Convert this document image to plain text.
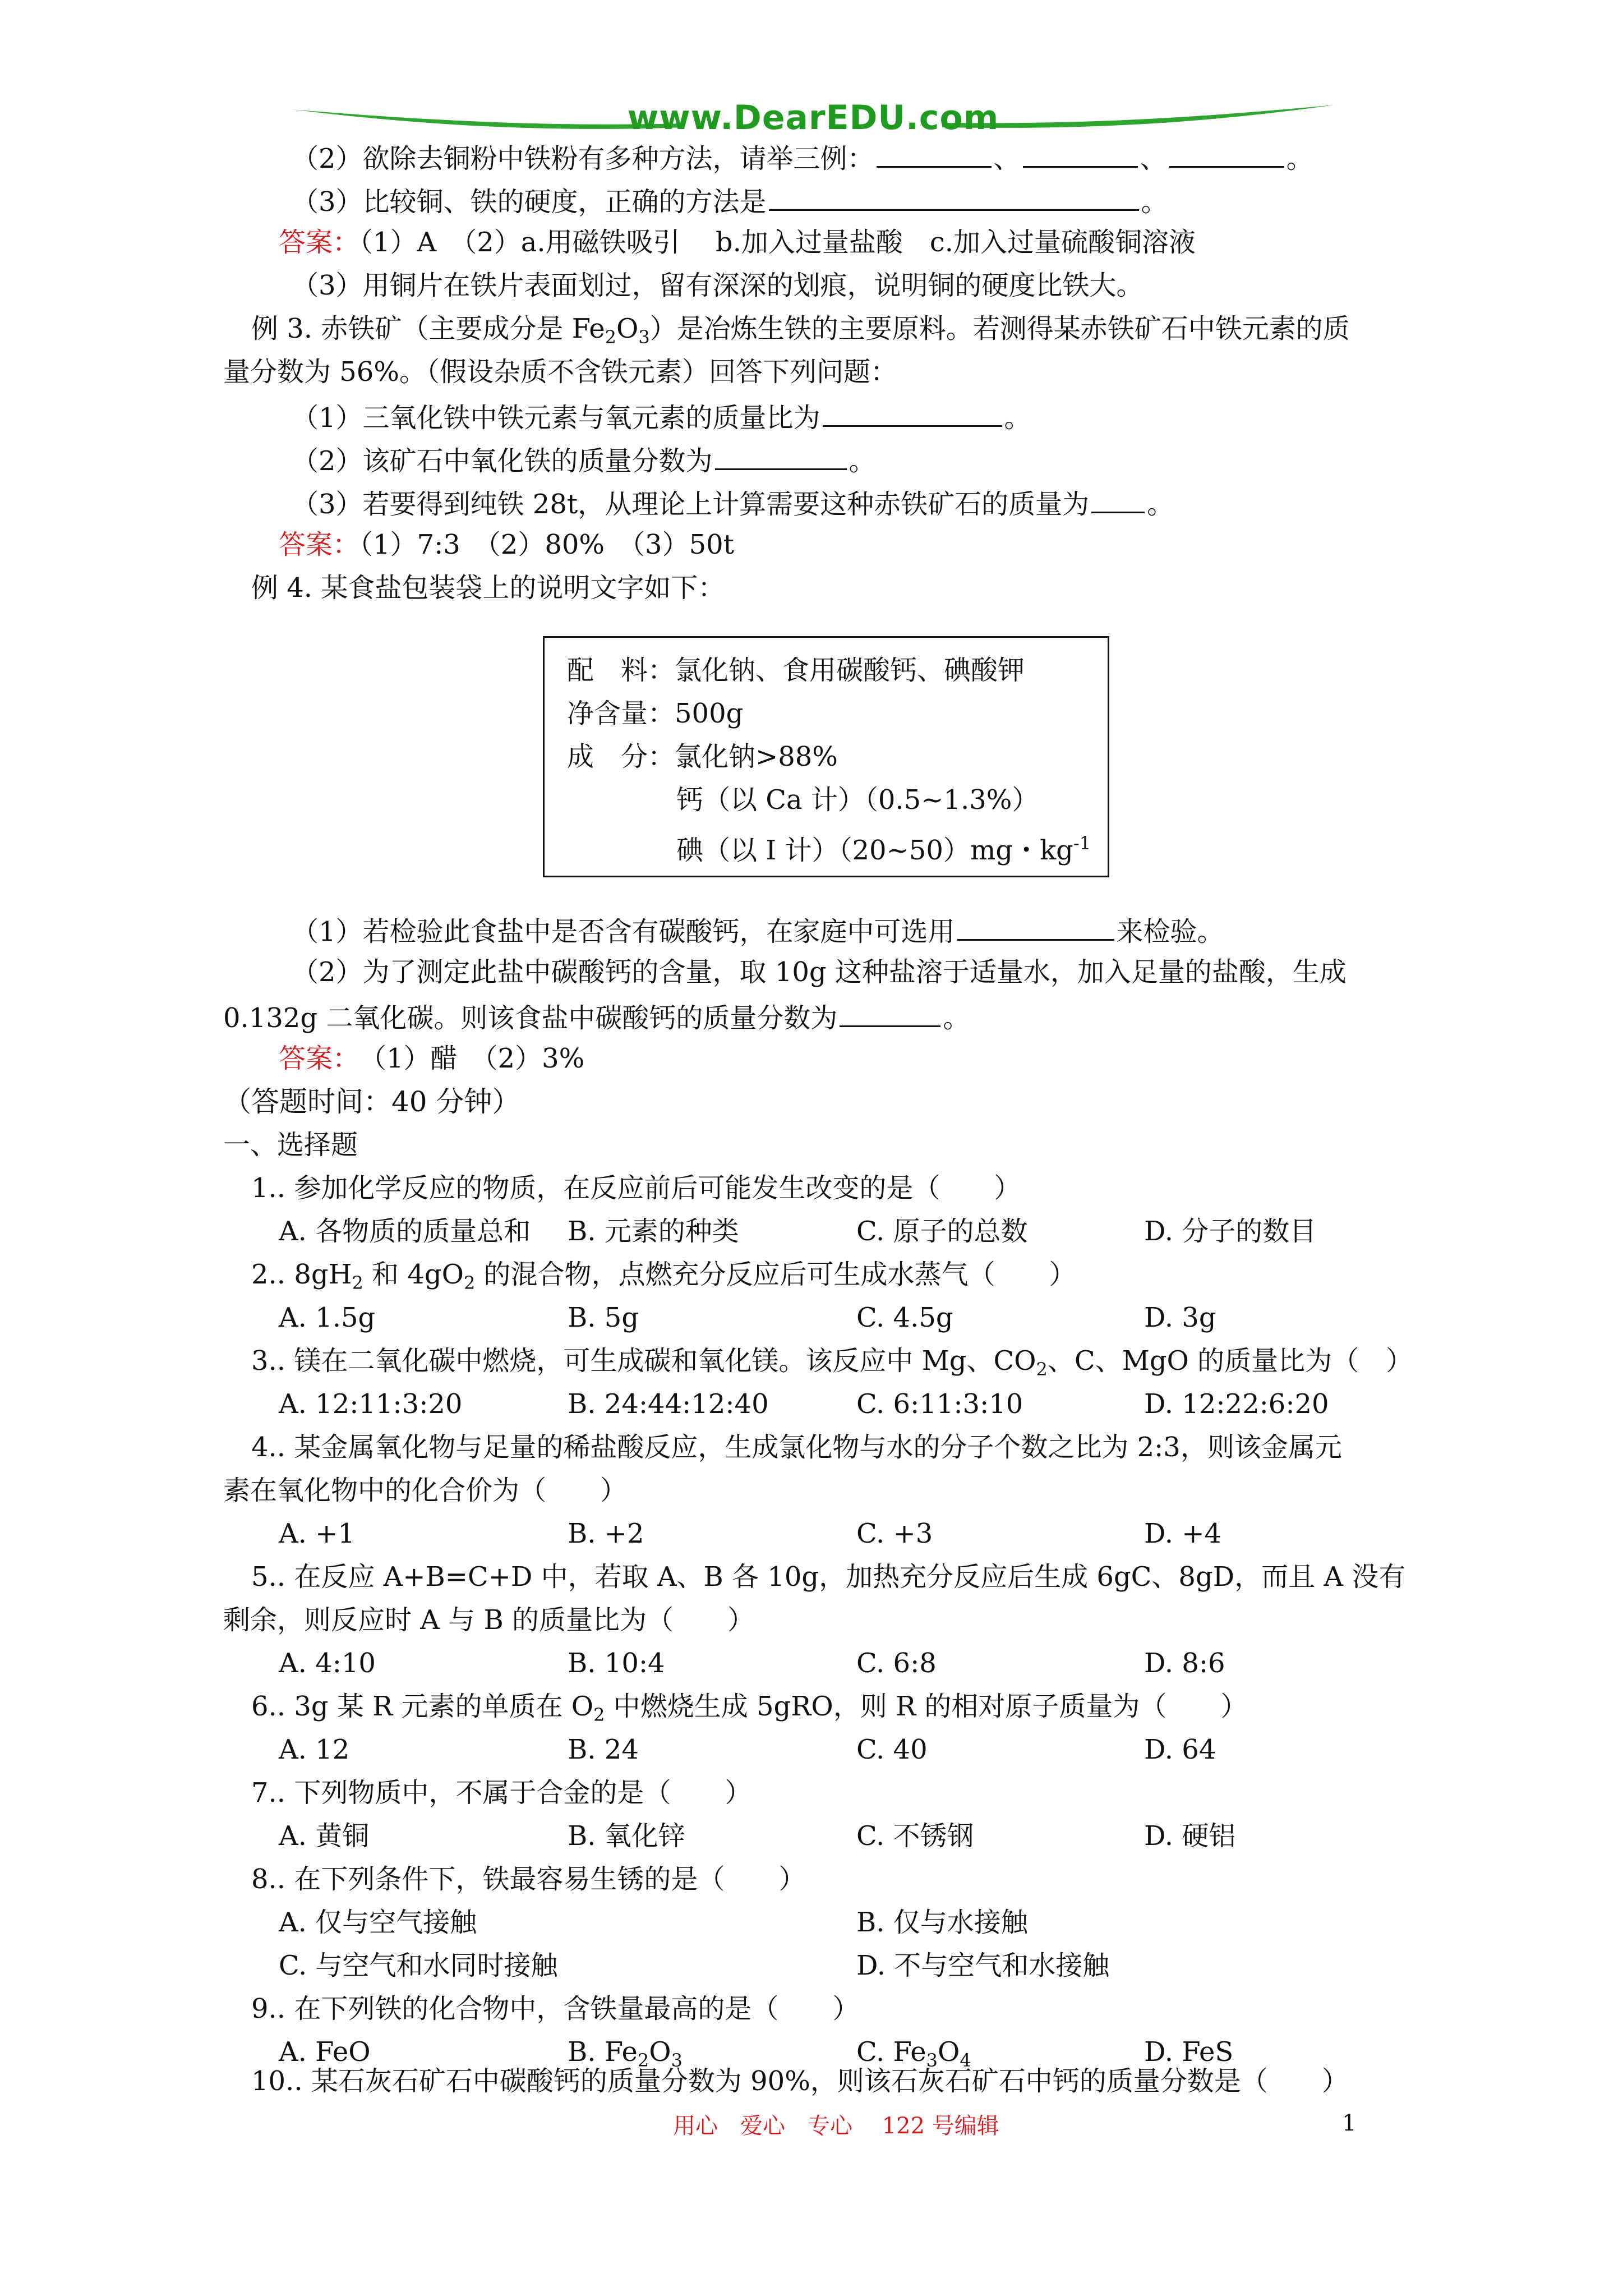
www.DearEDU.com
（2）欲除去铜粉中铁粉有多种方法，请举三例：	、	、	。
（3）比较铜、铁的硬度，正确的方法是	。
答案：（1）A　（2）a.用磁铁吸引　 b.加入过量盐酸　c.加入过量硫酸铜溶液
（3）用铜片在铁片表面划过，留有深深的划痕，说明铜的硬度比铁大。
例 3. 赤铁矿（主要成分是 $Fe_2O_3$）是冶炼生铁的主要原料。若测得某赤铁矿石中铁元素的质
量分数为 56%。（假设杂质不含铁元素）回答下列问题：
（1）三氧化铁中铁元素与氧元素的质量比为	。
（2）该矿石中氧化铁的质量分数为	。
（3）若要得到纯铁 28t，从理论上计算需要这种赤铁矿石的质量为 。
答案：（1）7:3　（2）80%　（3）50t
例 4. 某食盐包装袋上的说明文字如下：
配　料：氯化钠、食用碳酸钙、碘酸钾
净含量：500g
成　分：氯化钠>88%
钙（以 Ca 计）（0.5~1.3%）
碘（以 I 计）（20~50）mg・$kg^{-1}$
（1）若检验此食盐中是否含有碳酸钙，在家庭中可选用	来检验。
（2）为了测定此盐中碳酸钙的含量，取 10g 这种盐溶于适量水，加入足量的盐酸，生成
0.132g 二氧化碳。则该食盐中碳酸钙的质量分数为	。
答案：　（1）醋　（2）3%
（答题时间：40 分钟）
一、选择题
1.. 参加化学反应的物质，在反应前后可能发生改变的是（　　）
A. 各物质的质量总和 B. 元素的种类	C. 原子的总数	D. 分子的数目
2.. $8gH_2$ 和 $4gO_2$ 的混合物，点燃充分反应后可生成水蒸气（　　）
A. 1.5g	B. 5g	C. 4.5g	D. 3g
3.. 镁在二氧化碳中燃烧，可生成碳和氧化镁。该反应中 Mg、$CO_2$、C、MgO 的质量比为（　）
A. 12:11:3:20	B. 24:44:12:40	C. 6:11:3:10	D. 12:22:6:20
4.. 某金属氧化物与足量的稀盐酸反应，生成氯化物与水的分子个数之比为 2:3，则该金属元
素在氧化物中的化合价为（　　）
A. +1	B. +2	C. +3	D. +4
5.. 在反应 A+B=C+D 中，若取 A、B 各 10g，加热充分反应后生成 6gC、8gD，而且 A 没有
剩余，则反应时 A 与 B 的质量比为（　　）
A. 4:10	B. 10:4	C. 6:8	D. 8:6
6.. 3g 某 R 元素的单质在 $O_2$ 中燃烧生成 5gRO，则 R 的相对原子质量为（　　）
A. 12	B. 24	C. 40	D. 64
7.. 下列物质中，不属于合金的是（　　）
A. 黄铜	B. 氧化锌	C. 不锈钢	D. 硬铝
8.. 在下列条件下，铁最容易生锈的是（　　）
A. 仅与空气接触	B. 仅与水接触
C. 与空气和水同时接触	D. 不与空气和水接触
9.. 在下列铁的化合物中，含铁量最高的是（　　）
A. FeO	B. $Fe_2O_3$	C. $Fe_3O_4$	D. FeS
10.. 某石灰石矿石中碳酸钙的质量分数为 90%，则该石灰石矿石中钙的质量分数是（　　）
用心　爱心　专心　 122 号编辑	1
